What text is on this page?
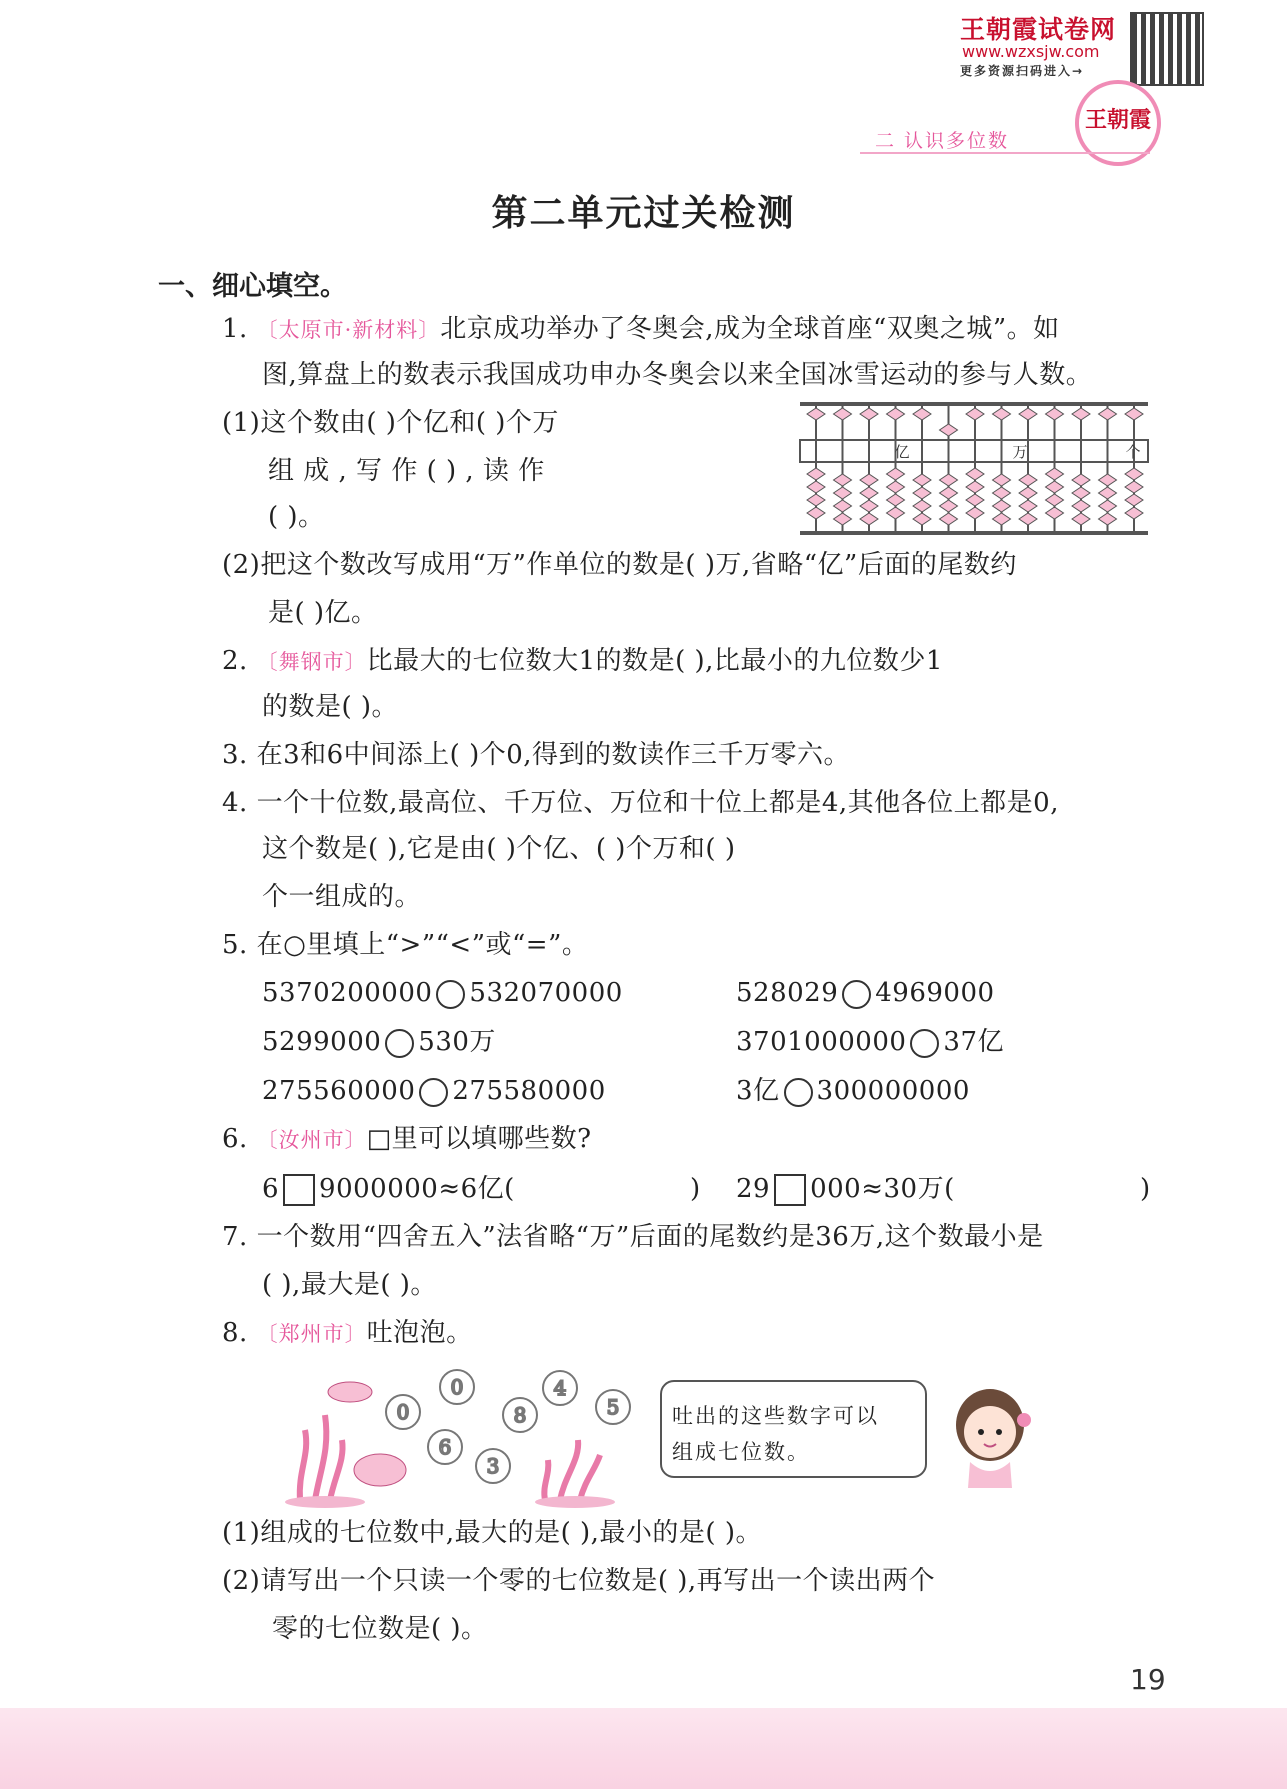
王朝霞试卷网
www.wzxsjw.com
更多资源扫码进入→
王朝霞
二 认识多位数
第二单元过关检测
一、细心填空。
1. 〔太原市·新材料〕北京成功举办了冬奥会,成为全球首座“双奥之城”。如
图,算盘上的数表示我国成功申办冬奥会以来全国冰雪运动的参与人数。
(1)这个数由( )个亿和( )个万
组 成 , 写 作 ( ) , 读 作
( )。
亿	万	个
(2)把这个数改写成用“万”作单位的数是( )万,省略“亿”后面的尾数约
是( )亿。
2. 〔舞钢市〕比最大的七位数大1的数是( ),比最小的九位数少1
的数是( )。
3. 在3和6中间添上( )个0,得到的数读作三千万零六。
4. 一个十位数,最高位、千万位、万位和十位上都是4,其他各位上都是0,
这个数是( ),它是由( )个亿、( )个万和( )
个一组成的。
5. 在○里填上“>”“<”或“=”。
5370200000 532070000	528029 4969000
5299000 530万	3701000000 37亿
275560000 275580000	3亿 300000000
6. 〔汝州市〕□里可以填哪些数?
6 9000000≈6亿(	) 29 000≈30万(	)
7. 一个数用“四舍五入”法省略“万”后面的尾数约是36万,这个数最小是
( ),最大是( )。
8. 〔郑州市〕吐泡泡。
0
0
8
4
5
6
3
吐出的这些数字可以
组成七位数。
(1)组成的七位数中,最大的是( ),最小的是( )。
(2)请写出一个只读一个零的七位数是( ),再写出一个读出两个
零的七位数是( )。
19
